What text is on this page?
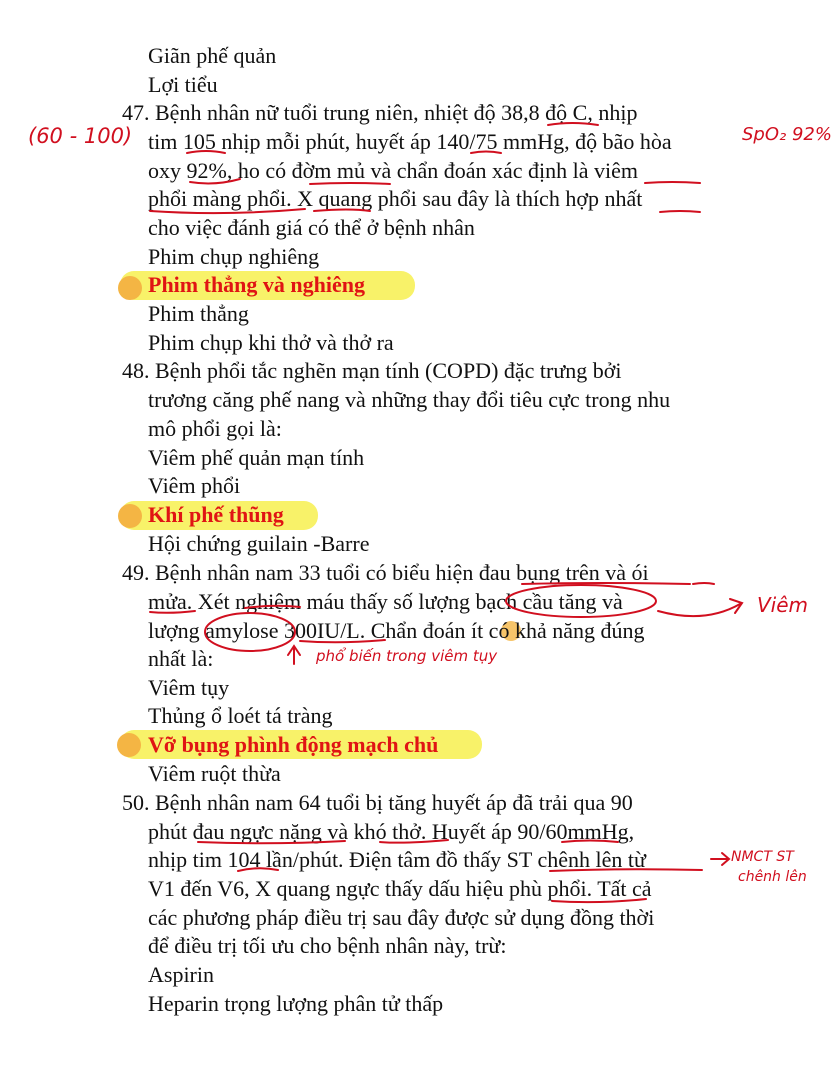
Giãn phế quản
Lợi tiểu
47. Bệnh nhân nữ tuổi trung niên, nhiệt độ 38,8 độ C, nhịp
tim 105 nhịp mỗi phút, huyết áp 140/75 mmHg, độ bão hòa
oxy 92%, ho có đờm mủ và chẩn đoán xác định là viêm
phổi màng phổi. X quang phổi sau đây là thích hợp nhất
cho việc đánh giá có thể ở bệnh nhân
Phim chụp nghiêng
Phim thẳng và nghiêng
Phim thẳng
Phim chụp khi thở và thở ra
48. Bệnh phổi tắc nghẽn mạn tính (COPD) đặc trưng bởi
trương căng phế nang và những thay đổi tiêu cực trong nhu
mô phổi gọi là:
Viêm phế quản mạn tính
Viêm phổi
Khí phế thũng
Hội chứng guilain -Barre
49. Bệnh nhân nam 33 tuổi có biểu hiện đau bụng trên và ói
mửa. Xét nghiệm máu thấy số lượng bạch cầu tăng và
lượng amylose 300IU/L. Chẩn đoán ít có khả năng đúng
nhất là:
Viêm tụy
Thủng ổ loét tá tràng
Vỡ bụng phình động mạch chủ
Viêm ruột thừa
50. Bệnh nhân nam 64 tuổi bị tăng huyết áp đã trải qua 90
phút đau ngực nặng và khó thở. Huyết áp 90/60mmHg,
nhịp tim 104 lần/phút. Điện tâm đồ thấy ST chênh lên từ
V1 đến V6, X quang ngực thấy dấu hiệu phù phổi. Tất cả
các phương pháp điều trị sau đây được sử dụng đồng thời
để điều trị tối ưu cho bệnh nhân này, trừ:
Aspirin
Heparin trọng lượng phân tử thấp
(60 - 100)	SpO₂ 92%
Viêm
phổ biến trong viêm tụy
NMCT ST
chênh lên
